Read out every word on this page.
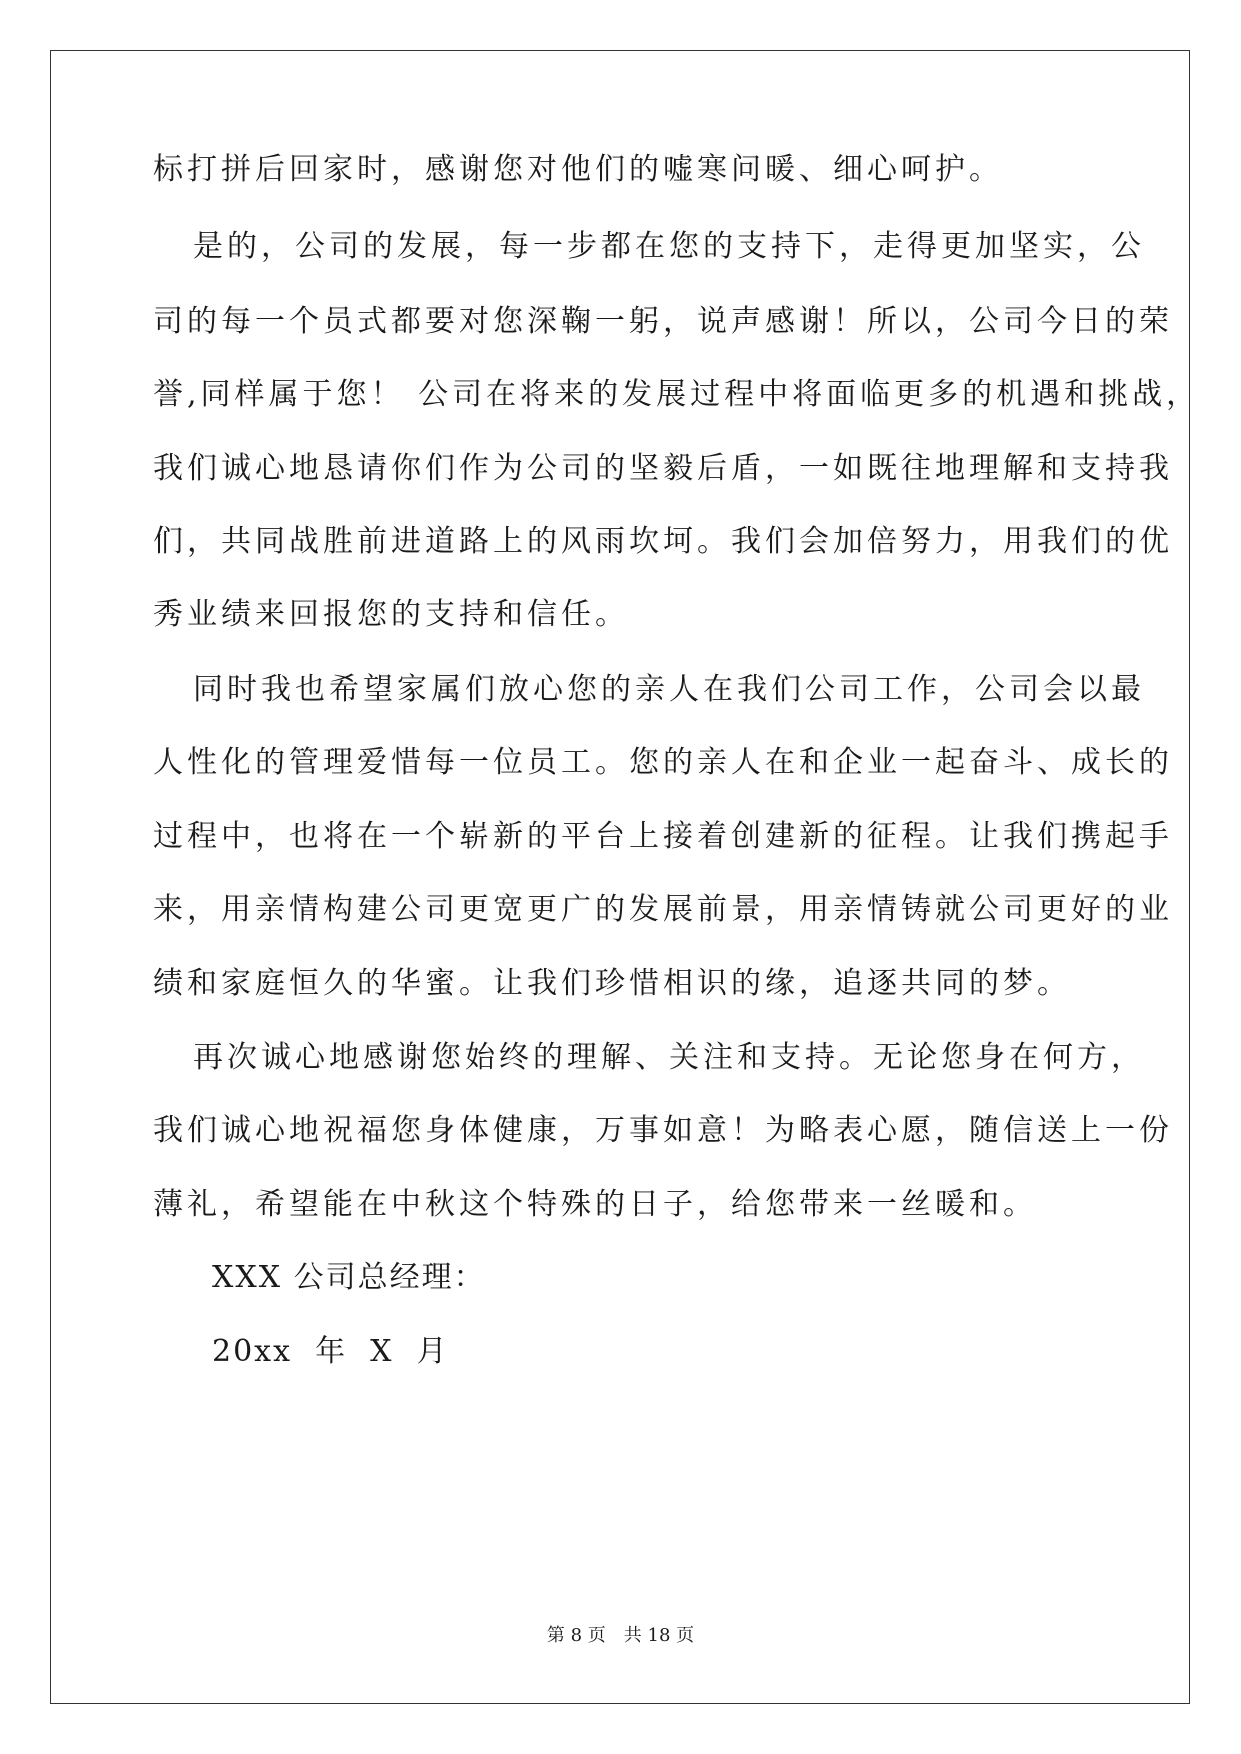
标打拼后回家时，感谢您对他们的嘘寒问暖、细心呵护。
是的，公司的发展，每一步都在您的支持下，走得更加坚实，公
司的每一个员式都要对您深鞠一躬，说声感谢！所以，公司今日的荣
誉,同样属于您！ 公司在将来的发展过程中将面临更多的机遇和挑战，
我们诚心地恳请你们作为公司的坚毅后盾，一如既往地理解和支持我
们，共同战胜前进道路上的风雨坎坷。我们会加倍努力，用我们的优
秀业绩来回报您的支持和信任。
同时我也希望家属们放心您的亲人在我们公司工作，公司会以最
人性化的管理爱惜每一位员工。您的亲人在和企业一起奋斗、成长的
过程中，也将在一个崭新的平台上接着创建新的征程。让我们携起手
来，用亲情构建公司更宽更广的发展前景，用亲情铸就公司更好的业
绩和家庭恒久的华蜜。让我们珍惜相识的缘，追逐共同的梦。
再次诚心地感谢您始终的理解、关注和支持。无论您身在何方，
我们诚心地祝福您身体健康，万事如意！为略表心愿，随信送上一份
薄礼，希望能在中秋这个特殊的日子，给您带来一丝暖和。
XXX 公司总经理：
20xx  年  X  月
第 8 页 共 18 页
